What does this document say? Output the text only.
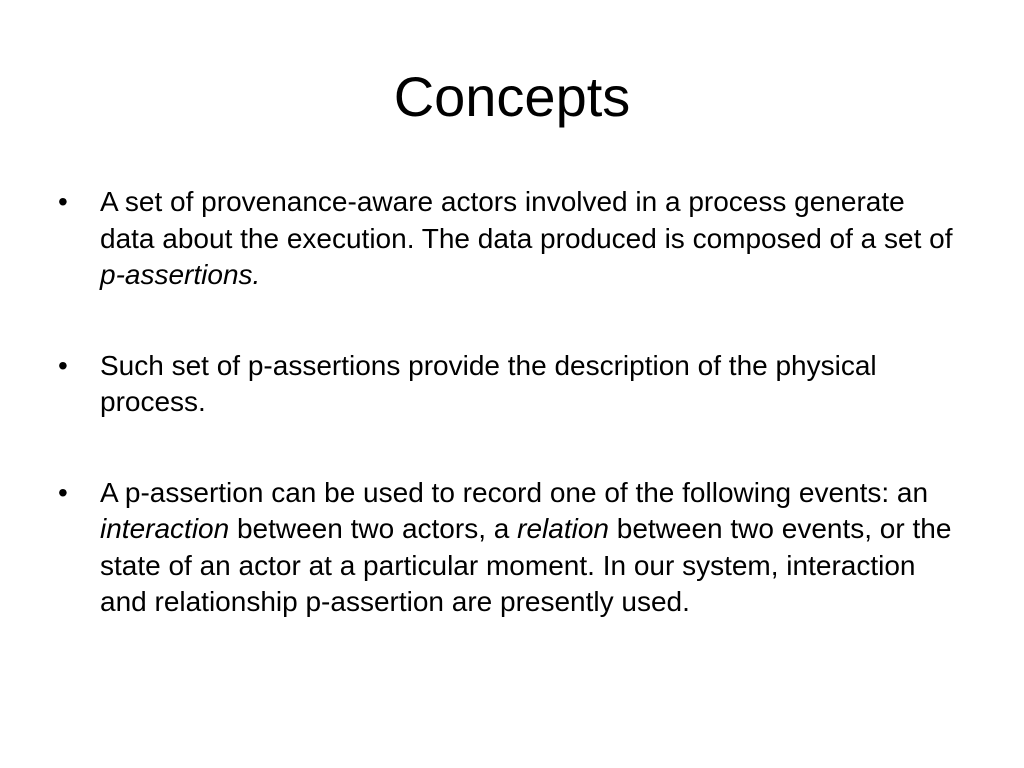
Concepts
•	A set of provenance-aware actors involved in a process generate data about the execution. The data produced is composed of a set of p-assertions.
•	Such set of p-assertions provide the description of the physical process.
•	A p-assertion can be used to record one of the following events: an interaction between two actors, a relation between two events, or the state of an actor at a particular moment. In our system, interaction and relationship p-assertion are presently used.
